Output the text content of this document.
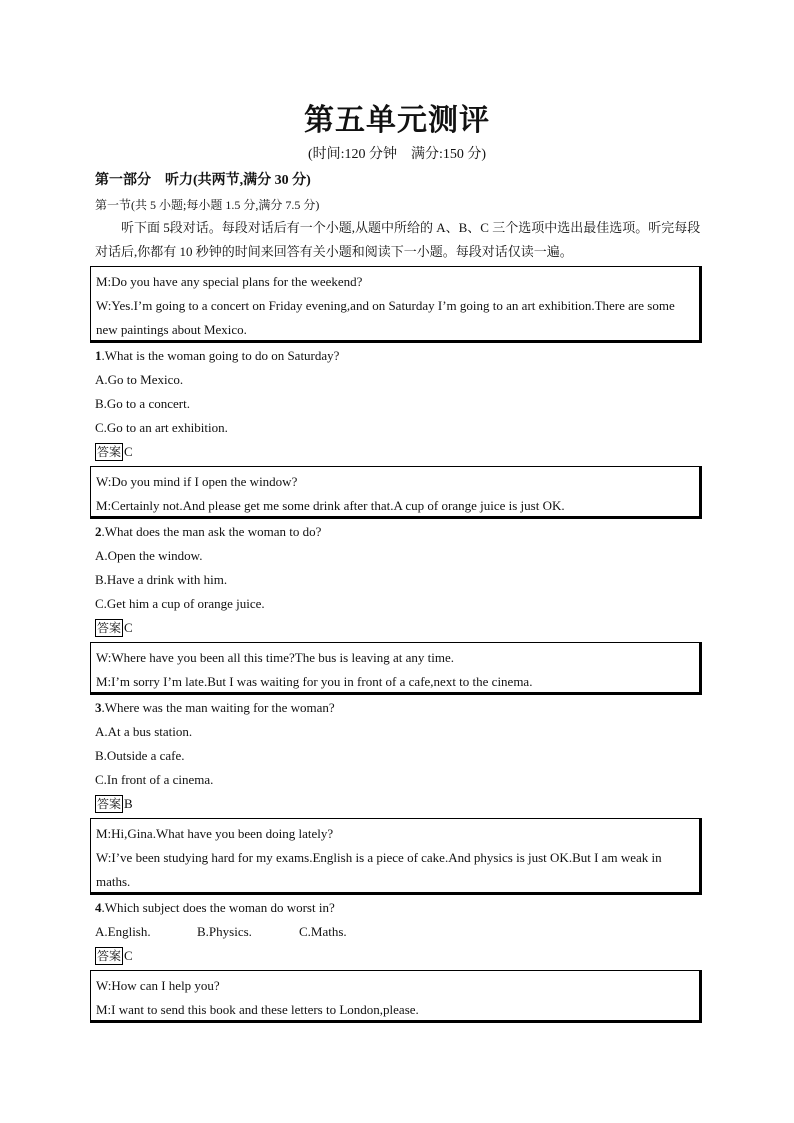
第五单元测评
(时间:120 分钟　满分:150 分)
第一部分 听力(共两节,满分 30 分)
第一节(共 5 小题;每小题 1.5 分,满分 7.5 分)
听下面 5段对话。每段对话后有一个小题,从题中所给的 A、B、C 三个选项中选出最佳选项。听完每段对话后,你都有 10 秒钟的时间来回答有关小题和阅读下一小题。每段对话仅读一遍。
M:Do you have any special plans for the weekend?
W:Yes.I’m going to a concert on Friday evening,and on Saturday I’m going to an art exhibition.There are some new paintings about Mexico.
1.What is the woman going to do on Saturday?
A.Go to Mexico.
B.Go to a concert.
C.Go to an art exhibition.
答案 C
W:Do you mind if I open the window?
M:Certainly not.And please get me some drink after that.A cup of orange juice is just OK.
2.What does the man ask the woman to do?
A.Open the window.
B.Have a drink with him.
C.Get him a cup of orange juice.
答案 C
W:Where have you been all this time?The bus is leaving at any time.
M:I’m sorry I’m late.But I was waiting for you in front of a cafe,next to the cinema.
3.Where was the man waiting for the woman?
A.At a bus station.
B.Outside a cafe.
C.In front of a cinema.
答案 B
M:Hi,Gina.What have you been doing lately?
W:I’ve been studying hard for my exams.English is a piece of cake.And physics is just OK.But I am weak in maths.
4.Which subject does the woman do worst in?
A.English.	B.Physics.	C.Maths.
答案 C
W:How can I help you?
M:I want to send this book and these letters to London,please.
